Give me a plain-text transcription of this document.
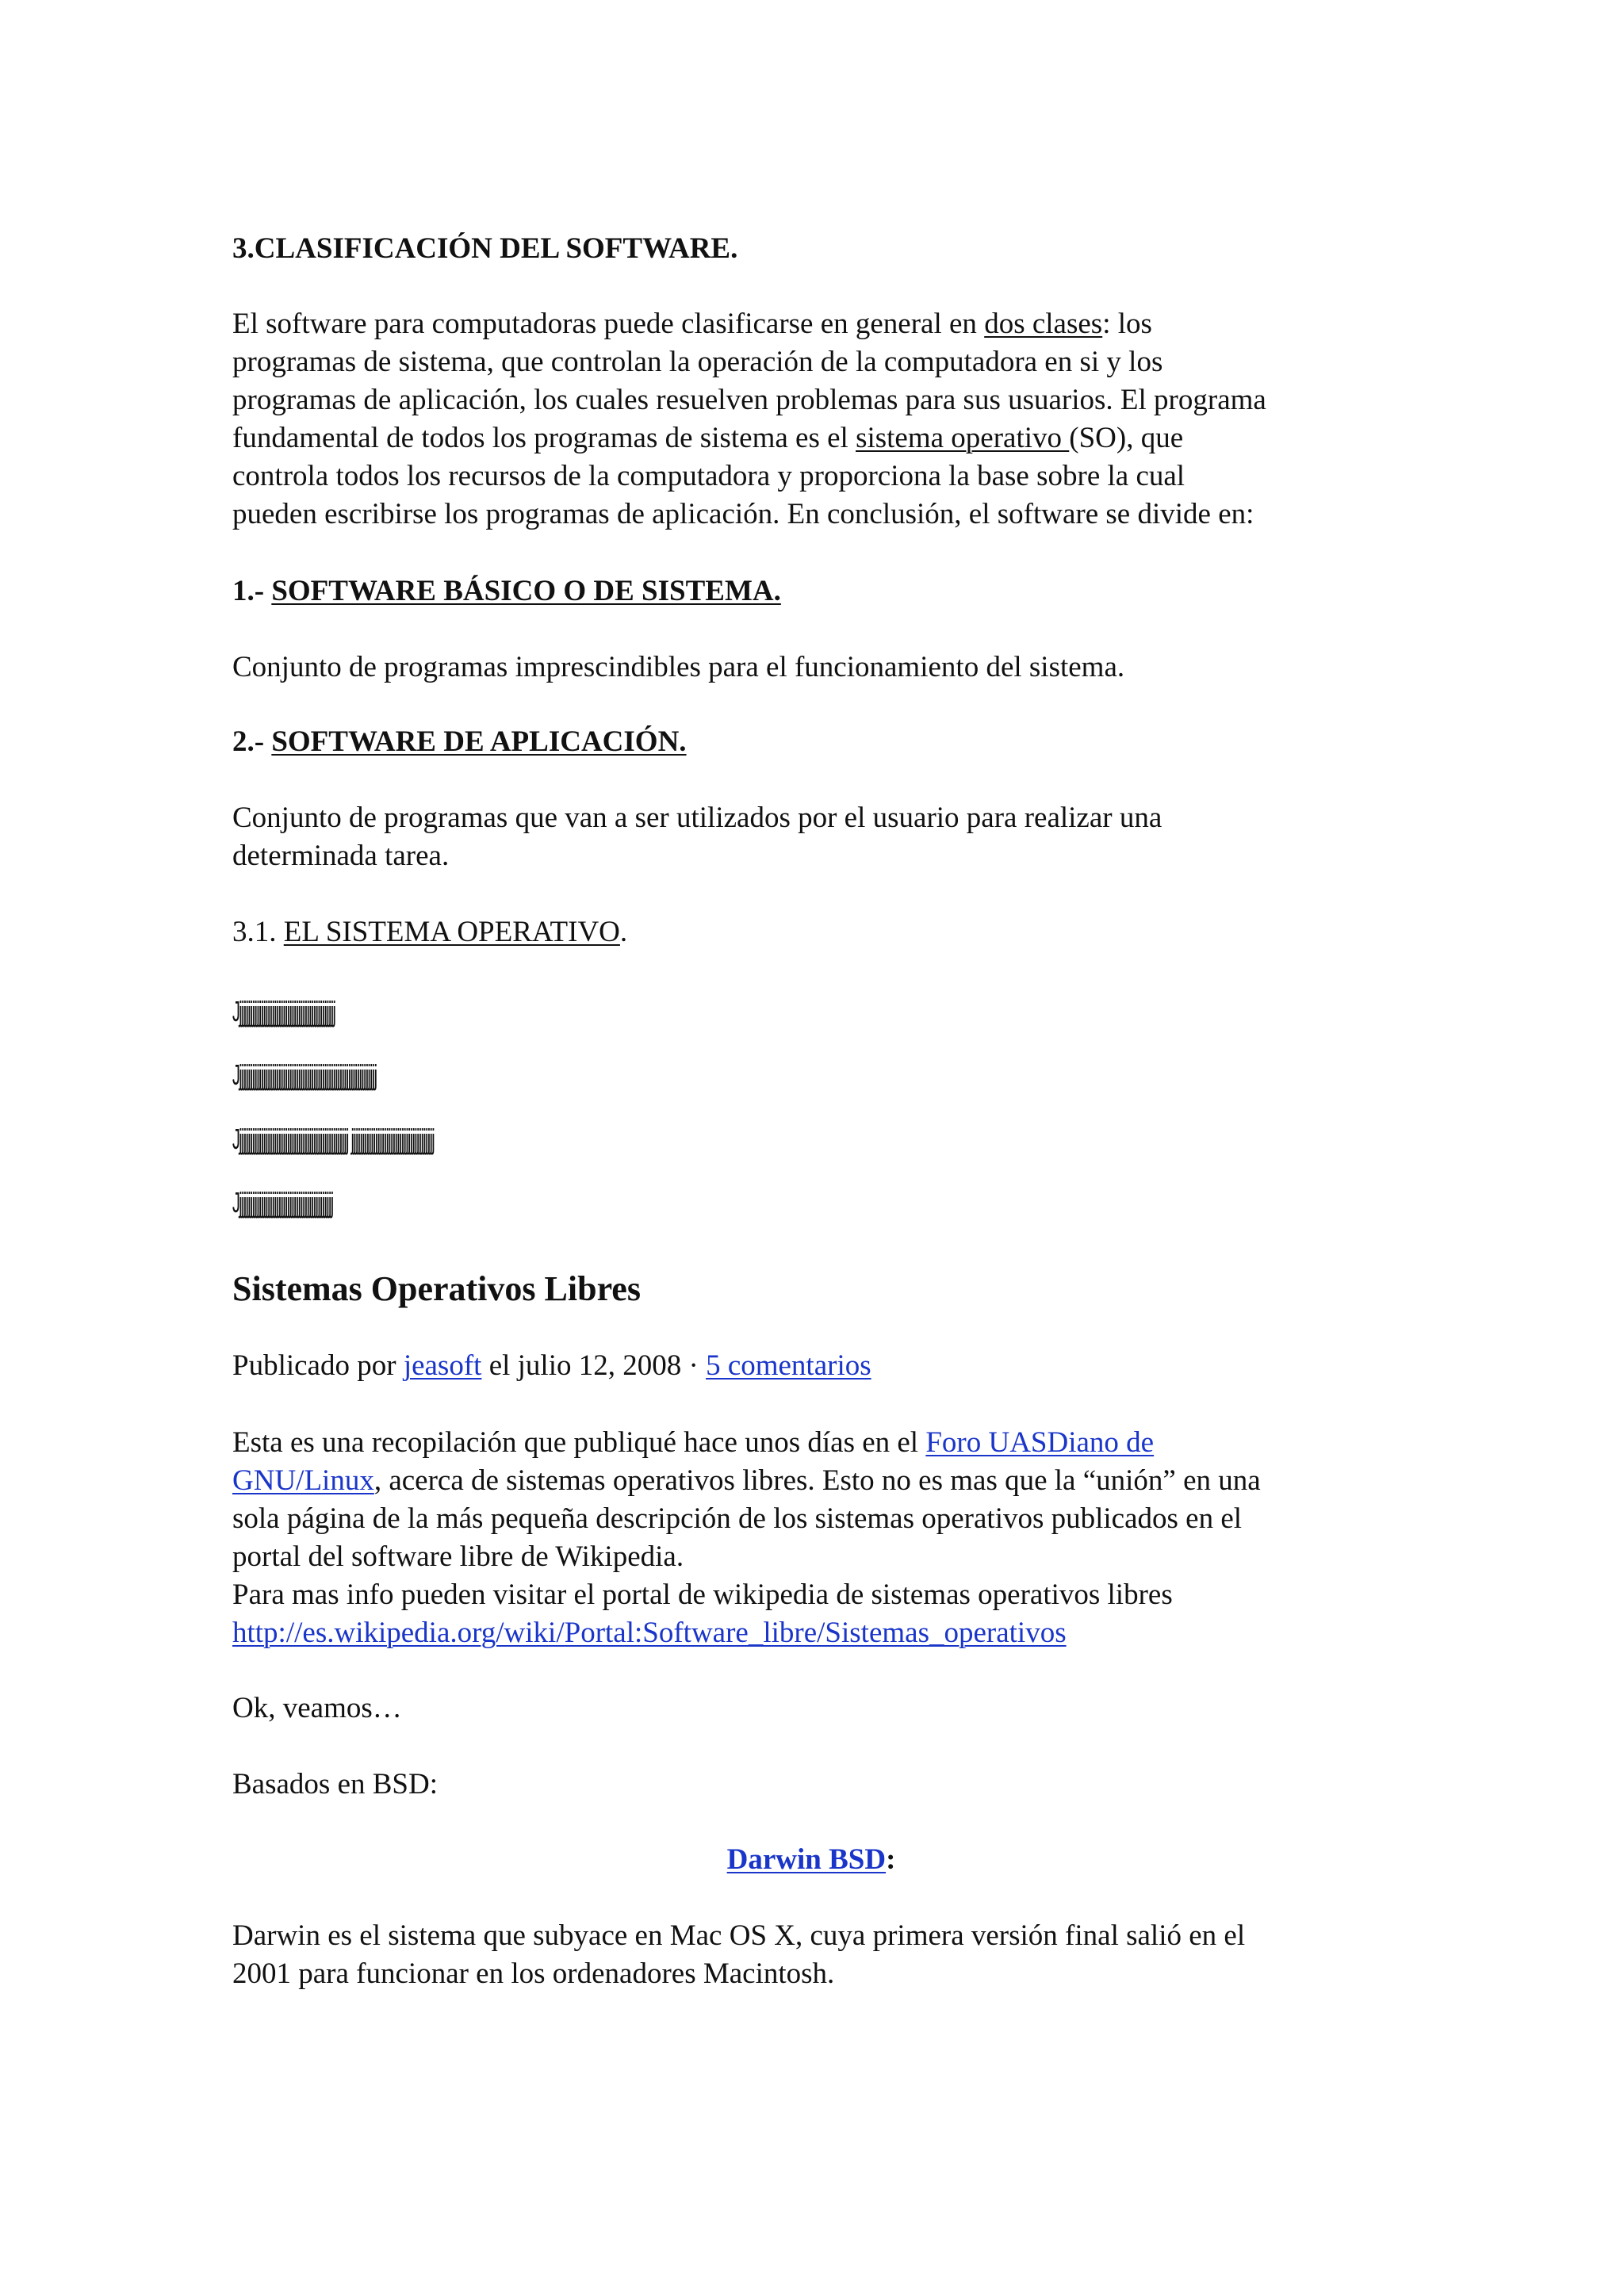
3.CLASIFICACIÓN DEL SOFTWARE.
El software para computadoras puede clasificarse en general en dos clases: los
programas de sistema, que controlan la operación de la computadora en si y los
programas de aplicación, los cuales resuelven problemas para sus usuarios. El programa
fundamental de todos los programas de sistema es el sistema operativo (SO), que
controla todos los recursos de la computadora y proporciona la base sobre la cual
pueden escribirse los programas de aplicación. En conclusión, el software se divide en:
1.- SOFTWARE BÁSICO O DE SISTEMA.
Conjunto de programas imprescindibles para el funcionamiento del sistema.
2.- SOFTWARE DE APLICACIÓN.
Conjunto de programas que van a ser utilizados por el usuario para realizar una
determinada tarea.
3.1. EL SISTEMA OPERATIVO.
Jjjjjjjjjjjjjjjjjjjjjjjjjjjjjjjjjjjjjjjjjjjjj
Jjjjjjjjjjjjjjjjjjjjjjjjjjjjjjjjjjjjjjjjjjjjjjjjjjjjjjjjjjjjjjjj
Jjjjjjjjjjjjjjjjjjjjjjjjjjjjjjjjjjjjjjjjjjjjjjjjjjj jjjjjjjjjjjjjjjjjjjjjjjjjjjjjjjjjjjjjj
Jjjjjjjjjjjjjjjjjjjjjjjjjjjjjjjjjjjjjjjjjjjj
Sistemas Operativos Libres
Publicado por jeasoft el julio 12, 2008 · 5 comentarios
Esta es una recopilación que publiqué hace unos días en el Foro UASDiano de
GNU/Linux, acerca de sistemas operativos libres. Esto no es mas que la “unión” en una
sola página de la más pequeña descripción de los sistemas operativos publicados en el
portal del software libre de Wikipedia.
Para mas info pueden visitar el portal de wikipedia de sistemas operativos libres
http://es.wikipedia.org/wiki/Portal:Software_libre/Sistemas_operativos
Ok, veamos…
Basados en BSD:
Darwin BSD:
Darwin es el sistema que subyace en Mac OS X, cuya primera versión final salió en el
2001 para funcionar en los ordenadores Macintosh.
